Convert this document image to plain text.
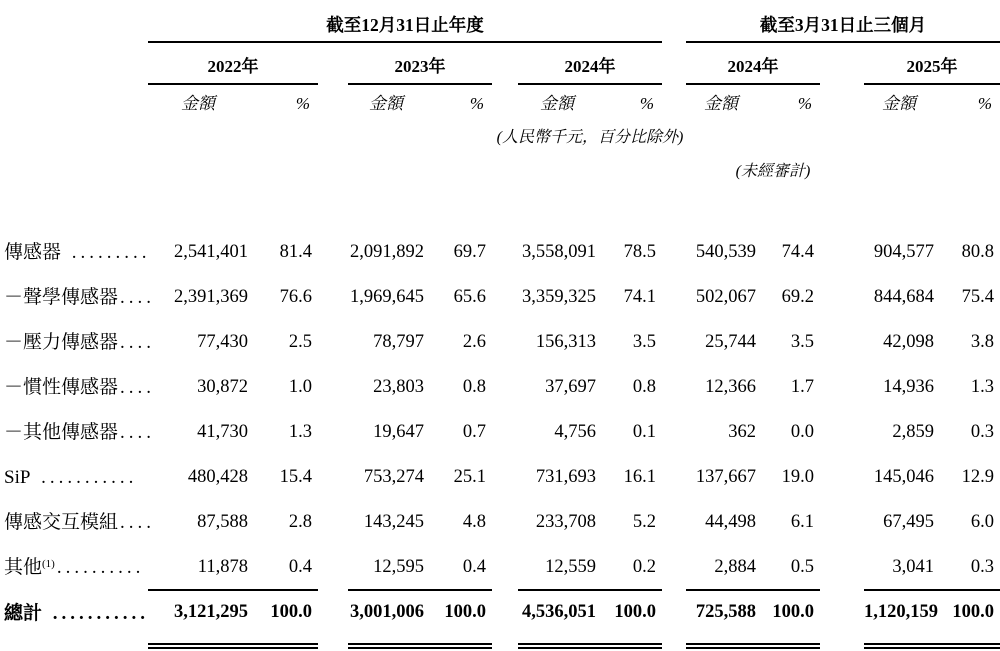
	截至12月31日止年度									截至3月31日止三個月				
	2022年			2023年			2024年			2024年			2025年	
	金額	%		金額	%		金額	%		金額	%		金額	%

							(人民幣千元，百分比除外)							

										(未經審計)				

傳感器 .........	2,541,401	81.4		2,091,892	69.7		3,558,091	78.5		540,539	74.4		904,577	80.8
－聲學傳感器 ....	2,391,369	76.6		1,969,645	65.6		3,359,325	74.1		502,067	69.2		844,684	75.4
－壓力傳感器 ....	77,430	2.5		78,797	2.6		156,313	3.5		25,744	3.5		42,098	3.8
－慣性傳感器 ....	30,872	1.0		23,803	0.8		37,697	0.8		12,366	1.7		14,936	1.3
－其他傳感器 ....	41,730	1.3		19,647	0.7		4,756	0.1		362	0.0		2,859	0.3
SiP ...........	480,428	15.4		753,274	25.1		731,693	16.1		137,667	19.0		145,046	12.9
傳感交互模組 ....	87,588	2.8		143,245	4.8		233,708	5.2		44,498	6.1		67,495	6.0
其他$^{(1)}$ ..........	11,878	0.4		12,595	0.4		12,559	0.2		2,884	0.5		3,041	0.3
總計 ...........	3,121,295	100.0		3,001,006	100.0		4,536,051	100.0		725,588	100.0		1,120,159	100.0
